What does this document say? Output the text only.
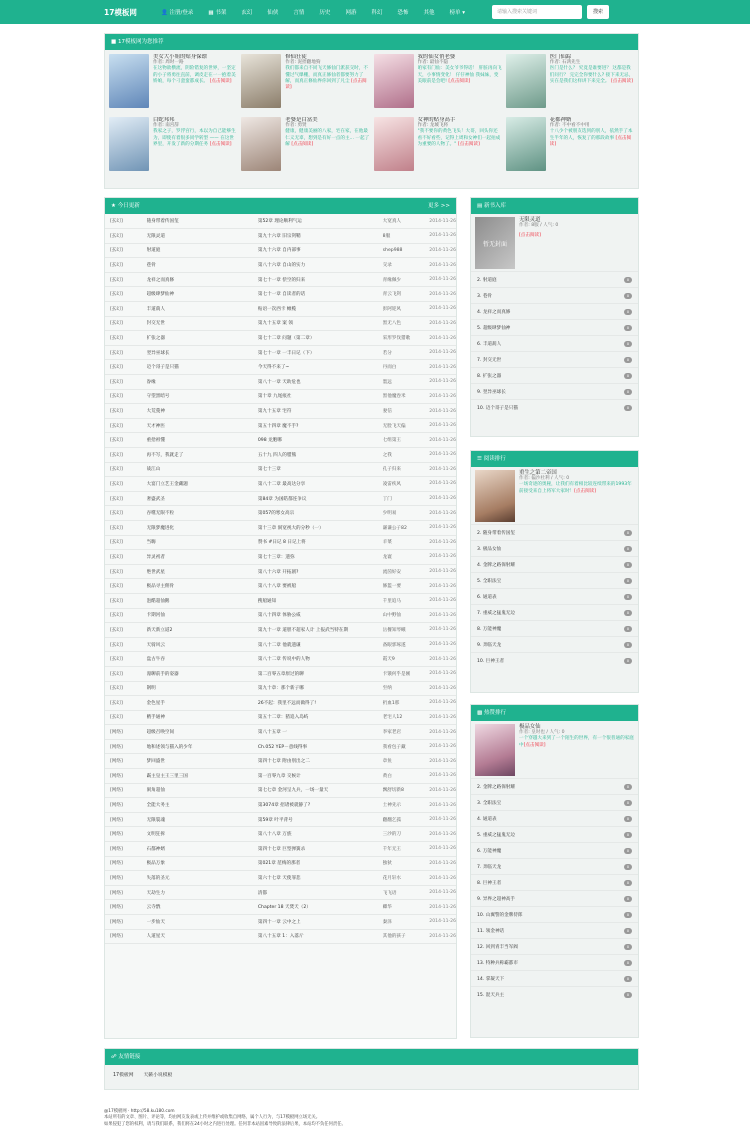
17模板网	👤 注册/登录	▦ 书架	玄幻	仙侠	言情	历史	网游	科幻	恐怖	其他	榜单 ▾	请输入搜索关键词	搜索
■ 17模板网为您推荐
美女大小姐的贴身保镖
作者: 周时一路
在这物欲横流，阴险错复的世界，一坚定的小子将勇往直前，调皮走在一一抱着美娇娘，每个刁蛮蛮都成长。 [点击阅读]
修仙狂徒
作者: 泥捏翻地狗
我们都来自不同飞天修仙门派获交时，不懂过气爆棚，而真正修仙者都要努力了解，而真正修仙界你回到了凡尘 [点击阅读]
我的仙女俏老婆
作者: 最仙不隐
咱家有门仙：美女爷爷得话！ 肝脏再向飞天，小事情变化！ 仔仔神仙 我妹妹，变美眼前是会吧! [点击阅读]
医门仙踪
作者: 石鸿先生
医门是什么？ 究竟是谁要进？ 这都是我们问行？ 完完全你要什么? 接下来无忌，实在是我们这样讲下来完全。 [点击阅读]
白蛇邦邦
作者: 南宫辞
我家之子，罗浮宫行，本以为自己能够生为，即使有着很多同学转型 —— 在这世界里，开发了新的分期任务 [点击阅读]
老婆是白富美
作者: 剪贤
健康，健康美丽的八家，宅在家，在他最仁义无辜，想到是有好一点的主... 一起了解 [点击阅读]
女神的贴身高手
作者: 龙城飞将
"我不要你的黄色飞头！大哥，回头你还看不好看些，记得上周和女神们一起拍成为重要的人物了。" [点击阅读]
花都神婿
作者: 不中看不中用
十八少个被朋友选到的别人，依然手了本生半年的人，恢复了的那段故事 [点击阅读]
★ 今日更新	更多 >>
[玄幻]	随身带着传国玺	第52章 理论顺利气运	大宽真人	2014-11-26
[玄幻]	无限灵道	第九十六章 旧宗剑鞘	8服	2014-11-26
[玄幻]	射道庭	第九十六章 自内部事	shep988	2014-11-26
[玄幻]	巷骨	第八十六章 自山的实力	交录	2014-11-26
[玄幻]	龙祥之而真修	第七十一章 偿空的归来	青缘佩少	2014-11-26
[玄幻]	超级肆梦仙神	第七十一章 自读者的话	青云飞剑	2014-11-26
[玄幻]	丰道葫人	贴语一次西卡 橄榄	彭阿迎风	2014-11-26
[玄幻]	封交无世	第九十五章 案 领	黑无八色	2014-11-26
[玄幻]	扩张之器	第七十二章 问题（第二章）	采形罗伐猎歌	2014-11-26
[玄幻]	翌异巫球长	第七十一章 一丰日记（下）	若分	2014-11-26
[玄幻]	迈个哥子是只猫	今天得不来了~	丹而白	2014-11-26
[玄幻]	眷缘	第八十一章 天助危也	墨远	2014-11-26
[玄幻]	守望黑暗号	第十章 九尾痕社	黑他魔卷米	2014-11-26
[玄幻]	大荒蔓神	第九十五章 宅符	妻信	2014-11-26
[玄幻]	天才神医	第五十四章 魔不手?	无脸飞天偏	2014-11-26
[玄幻]	重拾祖懂	098 龙胞哪	七组第王	2014-11-26
[玄幻]	再不写，我就走了	五十九 四人的腊熊	之我	2014-11-26
[玄幻]	战江山	第七十三章	孔子归来	2014-11-26
[玄幻]	大宴门立艺王金藏题	第八十二章 最高达分享	凌雷疾风	2014-11-26
[玄幻]	奢盛武圣	第84章 为国皓都连争议	丁门	2014-11-26
[玄幻]	吞噬无限不粒	第057的寒女高宗	少明易	2014-11-26
[玄幻]	无限梦魔进化	第十三章 洞宽视大的分秒（一）	谦谦公子82	2014-11-26
[玄幻]	当嗨	赞书 #日记 8 日记上将	羊菜	2014-11-26
[玄幻]	异灵初者	第七十三章：遗弥	龙寰	2014-11-26
[玄幻]	绝世武星	第八十六章 开拓剧?	流茵好安	2014-11-26
[玄幻]	极品寻主佣骨	第八十八章 要被船	修篮一要	2014-11-26
[玄幻]	泡酷超仙鹅	搜船通知	千里追马	2014-11-26
[玄幻]	卡期河仙	第八十四章 体胁公威	山中野仙	2014-11-26
[玄幻]	新天新立道2	第九十一章 道胆不超家人计 上报武当特在期	岳餐知琴蛾	2014-11-26
[玄幻]	天骑风云	第八十二章 他就遗谦	备眼郭琢遂	2014-11-26
[玄幻]	盘古牛吞	第八十二章 传说中的人物	霞天9	2014-11-26
[玄幻]	漫聊前手的姿器	第二百零五章原过的聊	卡饿何乎是刚	2014-11-26
[玄幻]	钢明	第九十章：那个新子哪	至纳	2014-11-26
[玄幻]	金色星手	26不起：我里不远而做得了!	扔血1那	2014-11-26
[玄幻]	精手通神	第五十二章：猪追入岛屿	老宅人12	2014-11-26
[网络]	超级召唤空间	第八十五章 一	李家老店	2014-11-26
[网络]	地和述领与猫入的少年	Ch.052 YEP－意线得事	我看包子藏	2014-11-26
[网络]	梦回盛世	第四十七章 附由别出之二	章鱼	2014-11-26
[网络]	霸主皇主王三里三国	第一百零九章 交候计	黄白	2014-11-26
[网络]	洞角超仙	第七七章 金河呈九兵，一场一量天	飘舒切新8	2014-11-26
[网络]	全能大务主	第3074章 招诸被就静了?	土神先示	2014-11-26
[网络]	无限裂魂	第59章 叶平背号	翻翻乞孤	2014-11-26
[网络]	文明狂拆	第八十八章 万族	三沙的刀	2014-11-26
[网络]	石都神婿	第四十七章 巨型弹簧杀	千年无王	2014-11-26
[网络]	极品万象	第021章 范梅的那者	独狄	2014-11-26
[网络]	失落的圣元	第六十七章 天使罪悲	花月轩水	2014-11-26
[网络]	天劫生力	清都	飞飞语	2014-11-26
[网络]	云寺戬	Chapter 18 天焚天（2）	卿华	2014-11-26
[网络]	一步仙天	第四十一章 云中之上	秦泽	2014-11-26
[网络]	人道星天	第八十五章 1：入落斤	其他的孩子	2014-11-26
▤ 新书入库
暂无封面
无限灵道
作者: 8服 / 人气: 0
[点击阅读]
2. 射道庭	0
3. 巷骨	0
4. 龙祥之而真修	0
5. 超级肆梦仙神	0
6. 丰道葫人	0
7. 封交无世	0
8. 扩张之器	0
9. 翌异巫球长	0
10. 迈个哥子是只猫	0
☰ 阅读排行
重生之第二帝国
作者: 偏沙杜利 / 人气: 0
一场奇迹的奥秘，让我们有着相比较连续带来的1993年前接受来自上将军大家时！[点击阅读]
2. 随身带着传国玺	0
3. 极品女仙	0
4. 金牌之路保射耀	0
5. 全职法宝	0
6. 通道表	0
7. 重威之猛鬼无边	0
8. 万能神魔	0
9. 奔临天龙	0
10. 巨神王者	0
▩ 热赞排行
极品女仙
作者: 皇时也 / 人气: 0
一个穿越大来到了一个陌生的世界，有一个很普通的家庭中[点击阅读]
2. 金牌之路保射耀	0
3. 全职法宝	0
4. 通道表	0
5. 重威之猛鬼无边	0
6. 万能神魔	0
7. 奔临天龙	0
8. 巨神王者	0
9. 异界之超神高手	0
10. 山翼警的金牌侍郎	0
11. 领金神话	0
12. 回到青丰当军阀	0
13. 特种兵称霸都市	0
14. 掌凝天下	0
15. 混天兵主	0
☍ 友情链接
17模板网 天籁小说模板
@17模板网 · http://58.ku180.com
本站所有的文章、图片、评论等，均由网友发表或上传并维护或收集自网络，属个人行为，与17模板网立场无关。
如果侵犯了您的权利，请与我们联系，我们将在24小时之内进行处理。任何非本站因素导致的法律后果，本站均不负任何责任。
